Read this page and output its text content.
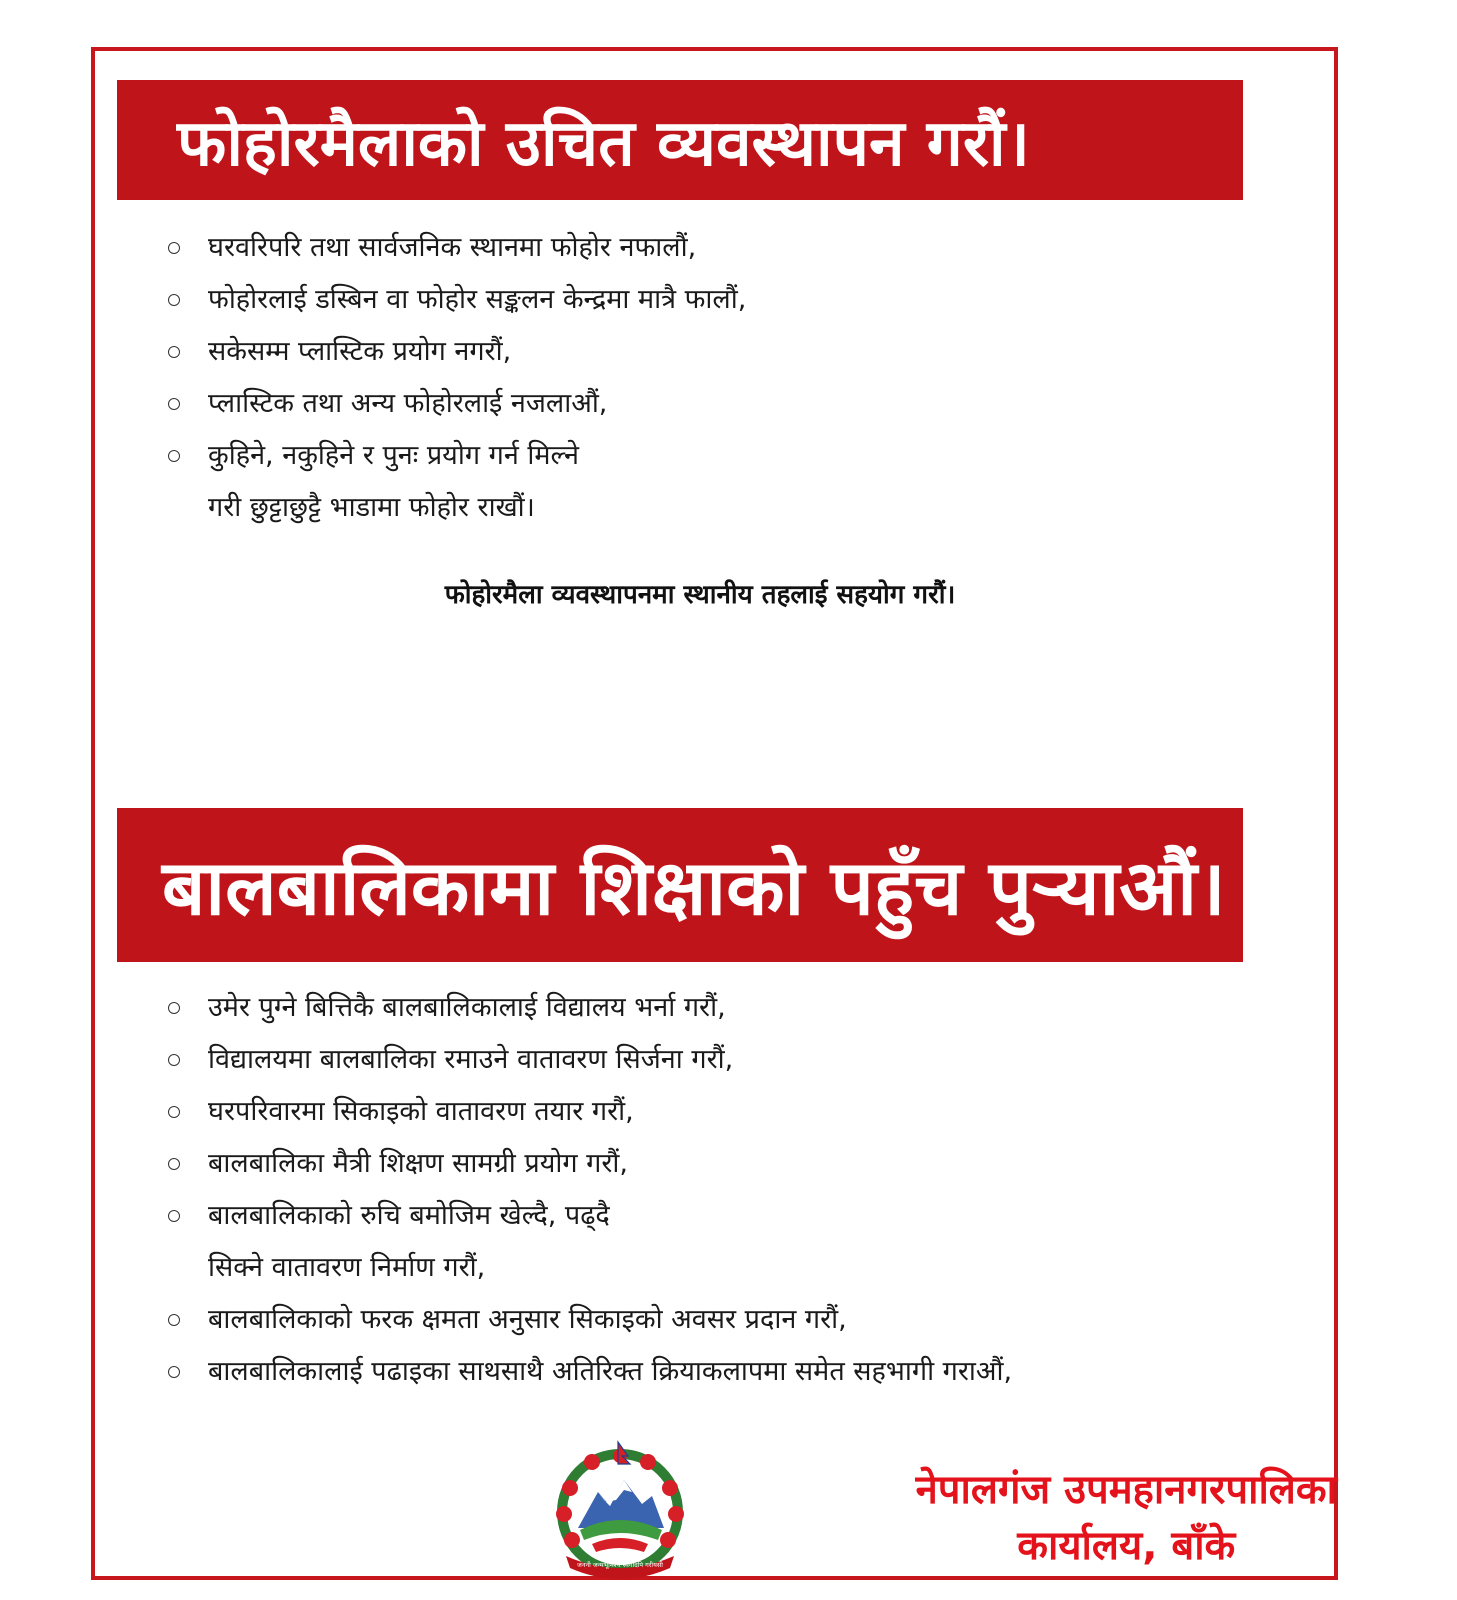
फोहोरमैलाको उचित व्यवस्थापन गरौं।
घरवरिपरि तथा सार्वजनिक स्थानमा फोहोर नफालौं,
फोहोरलाई डस्बिन वा फोहोर सङ्कलन केन्द्रमा मात्रै फालौं,
सकेसम्म प्लास्टिक प्रयोग नगरौं,
प्लास्टिक तथा अन्य फोहोरलाई नजलाऔं,
कुहिने, नकुहिने र पुनः प्रयोग गर्न मिल्ने
गरी छुट्टाछुट्टै भाडामा फोहोर राखौं।
फोहोरमैला व्यवस्थापनमा स्थानीय तहलाई सहयोग गरौं।
बालबालिकामा शिक्षाको पहुँच पुऱ्याऔं।
उमेर पुग्ने बित्तिकै बालबालिकालाई विद्यालय भर्ना गरौं,
विद्यालयमा बालबालिका रमाउने वातावरण सिर्जना गरौं,
घरपरिवारमा सिकाइको वातावरण तयार गरौं,
बालबालिका मैत्री शिक्षण सामग्री प्रयोग गरौं,
बालबालिकाको रुचि बमोजिम खेल्दै, पढ्दै
सिक्ने वातावरण निर्माण गरौं,
बालबालिकाको फरक क्षमता अनुसार सिकाइको अवसर प्रदान गरौं,
बालबालिकालाई पढाइका साथसाथै अतिरिक्त क्रियाकलापमा समेत सहभागी गराऔं,
जननी जन्मभूमिश्च स्वर्गादपि गरीयसी
नेपालगंज उपमहानगरपालिका
कार्यालय, बाँके
